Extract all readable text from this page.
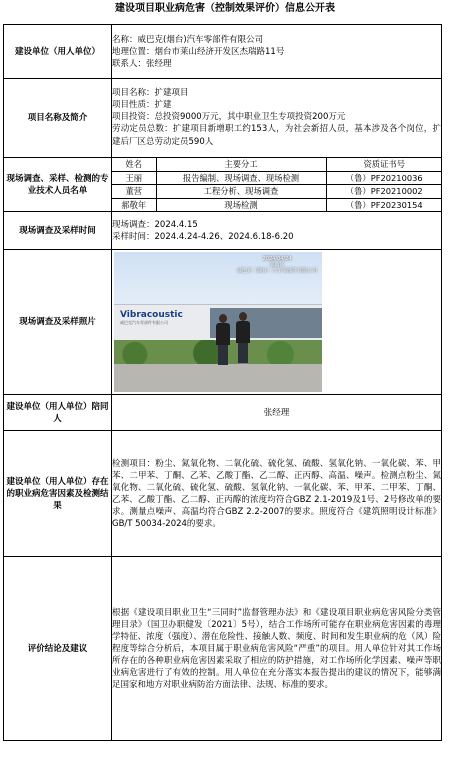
建设项目职业病危害（控制效果评价）信息公开表
建设单位（用人单位）	
名称：威巴克(烟台)汽车零部件有限公司
地理位置：烟台市莱山经济开发区杰瑞路11号
联系人：张经理

项目名称及简介	
项目名称：扩建项目
项目性质：扩建
项目投资：总投资9000万元，其中职业卫生专项投资200万元
劳动定员总数：扩建项目新增职工约153人，为社会新招人员，基本涉及各个岗位，扩建后厂区总劳动定员590人

现场调查、采样、检测的专业技术人员名单	
姓名	主要分工	资质证书号
王丽	报告编制、现场调查、现场检测	（鲁）PF20210036
董营	工程分析、现场调查	（鲁）PF20210002
郝敬年	现场检测	（鲁）PF20230154

现场调查及采样时间	
现场调查：2024.4.15
采样时间：2024.4.24-4.26、2024.6.18-6.20

现场调查及采样照片	
Vibracoustic
威巴克汽车零部件有限公司
2024/04/24
莱山区
威巴克（烟台）汽车零部件有限公司

建设单位（用人单位）陪同人	张经理
建设单位（用人单位）存在的职业病危害因素及检测结果	检测项目：粉尘、氮氧化物、二氧化硫、硫化氢、硫酸、氢氧化钠、一氧化碳、苯、甲苯、二甲苯、丁酮、乙苯、乙酸丁酯、乙二醇、正丙醇、高温、噪声。检测点粉尘、氮氧化物、二氧化硫、硫化氢、硫酸、氢氧化钠、一氧化碳、苯、甲苯、二甲苯、丁酮、乙苯、乙酸丁酯、乙二醇、正丙醇的浓度均符合GBZ 2.1-2019及1号、2号修改单的要求。测量点噪声、高温均符合GBZ 2.2-2007的要求。照度符合《建筑照明设计标准》GB/T 50034-2024的要求。
评价结论及建议	根据《建设项目职业卫生“三同时”监督管理办法》和《建设项目职业病危害风险分类管理目录》（国卫办职健发〔2021〕5号），结合工作场所可能存在职业病危害因素的毒理学特征、浓度（强度）、潜在危险性、接触人数、频度、时间和发生职业病的危（风）险程度等综合分析后，本项目属于职业病危害风险“严重”的项目。用人单位针对其工作场所存在的各种职业病危害因素采取了相应的防护措施，对工作场所化学因素、噪声等职业病危害进行了有效的控制。用人单位在充分落实本报告提出的建议的情况下，能够满足国家和地方对职业病防治方面法律、法规、标准的要求。
